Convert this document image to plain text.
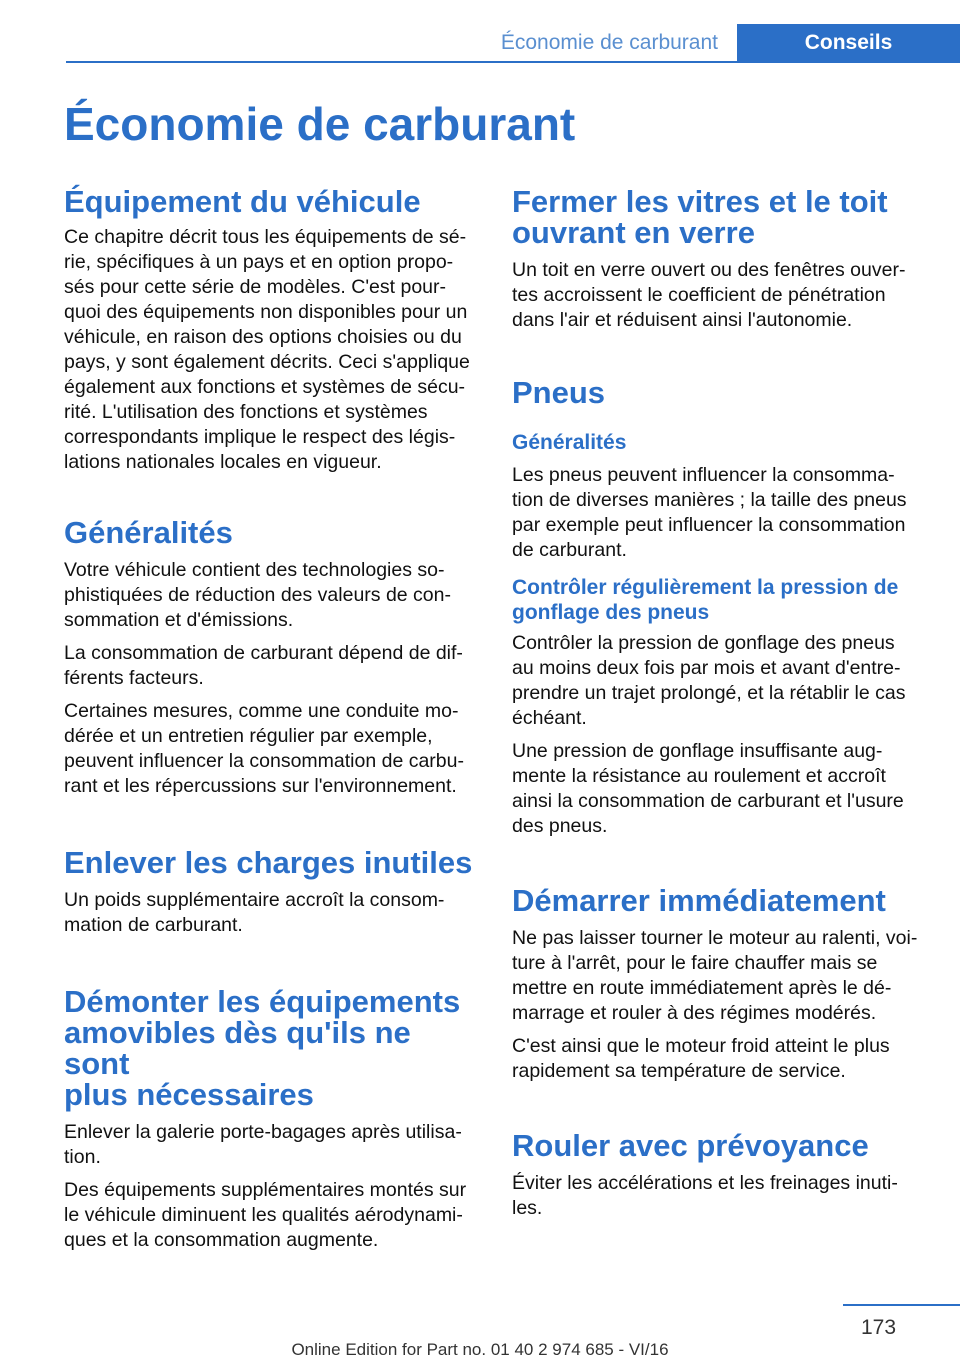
Économie de carburant	Conseils
Économie de carburant
Équipement du véhicule

Ce chapitre décrit tous les équipements de sé‐

rie, spécifiques à un pays et en option propo‐

sés pour cette série de modèles. C'est pour‐

quoi des équipements non disponibles pour un

véhicule, en raison des options choisies ou du

pays, y sont également décrits. Ceci s'applique

également aux fonctions et systèmes de sécu‐

rité. L'utilisation des fonctions et systèmes

correspondants implique le respect des légis‐

lations nationales locales en vigueur.

Généralités

Votre véhicule contient des technologies so‐

phistiquées de réduction des valeurs de con‐

sommation et d'émissions.

La consommation de carburant dépend de dif‐

férents facteurs.

Certaines mesures, comme une conduite mo‐

dérée et un entretien régulier par exemple,

peuvent influencer la consommation de carbu‐

rant et les répercussions sur l'environnement.

Enlever les charges inutiles

Un poids supplémentaire accroît la consom‐

mation de carburant.

Démonter les équipements
amovibles dès qu'ils ne sont
plus nécessaires

Enlever la galerie porte-bagages après utilisa‐

tion.

Des équipements supplémentaires montés sur

le véhicule diminuent les qualités aérodynami‐

ques et la consommation augmente.

Fermer les vitres et le toit
ouvrant en verre

Un toit en verre ouvert ou des fenêtres ouver‐

tes accroissent le coefficient de pénétration

dans l'air et réduisent ainsi l'autonomie.

Pneus
Généralités

Les pneus peuvent influencer la consomma‐

tion de diverses manières ; la taille des pneus

par exemple peut influencer la consommation

de carburant.

Contrôler régulièrement la pression de
gonflage des pneus

Contrôler la pression de gonflage des pneus

au moins deux fois par mois et avant d'entre‐

prendre un trajet prolongé, et la rétablir le cas

échéant.

Une pression de gonflage insuffisante aug‐

mente la résistance au roulement et accroît

ainsi la consommation de carburant et l'usure

des pneus.

Démarrer immédiatement

Ne pas laisser tourner le moteur au ralenti, voi‐

ture à l'arrêt, pour le faire chauffer mais se

mettre en route immédiatement après le dé‐

marrage et rouler à des régimes modérés.

C'est ainsi que le moteur froid atteint le plus

rapidement sa température de service.

Rouler avec prévoyance

Éviter les accélérations et les freinages inuti‐

les.

173
Online Edition for Part no. 01 40 2 974 685 - VI/16
